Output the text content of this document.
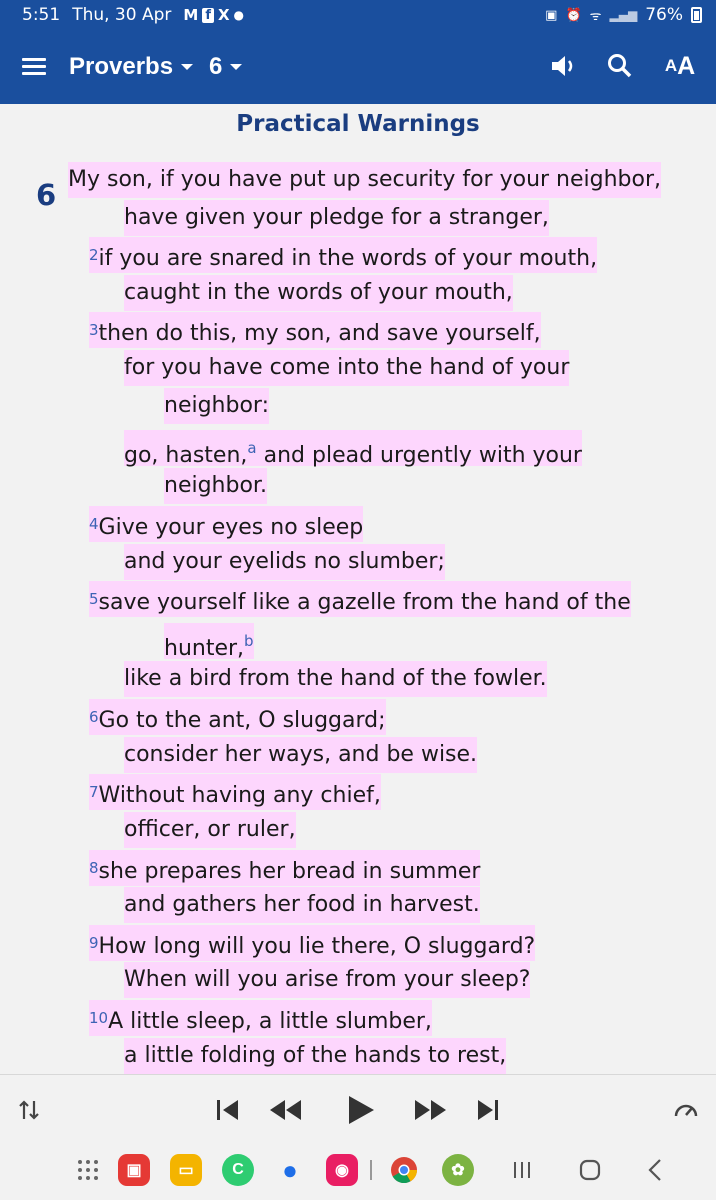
5:51 Thu, 30 Apr M f X ●	▣ ⏰ ᯤ ▂▄▆ 76%
Proverbs 6	A A
Practical Warnings
6 My son, if you have put up security for your neighbor,
have given your pledge for a stranger,
$^2$if you are snared in the words of your mouth,
caught in the words of your mouth,
$^3$then do this, my son, and save yourself,
for you have come into the hand of your
neighbor:
go, hasten,$^a$ and plead urgently with your
neighbor.
$^4$Give your eyes no sleep
and your eyelids no slumber;
$^5$save yourself like a gazelle from the hand of the
hunter,$^b$
like a bird from the hand of the fowler.
$^6$Go to the ant, O sluggard;
consider her ways, and be wise.
$^7$Without having any chief,
officer, or ruler,
$^8$she prepares her bread in summer
and gathers her food in harvest.
$^9$How long will you lie there, O sluggard?
When will you arise from your sleep?
$^{10}$A little sleep, a little slumber,
a little folding of the hands to rest,
▣	▭	C	●	◉	✿
